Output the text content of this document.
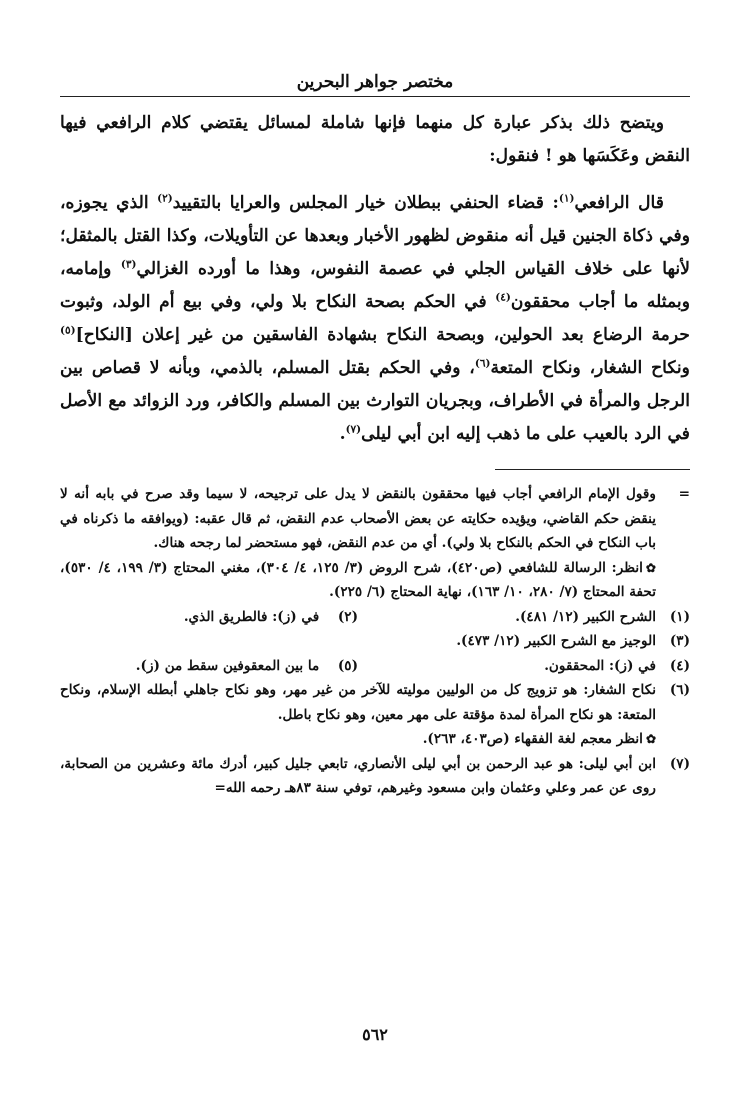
مختصر جواهر البحرين

ويتضح ذلك بذكر عبارة كل منهما فإنها شاملة لمسائل يقتضي كلام الرافعي فيها النقض وعَكَسَها هو ! فنقول:

قال الرافعي$^{(١)}$: قضاء الحنفي ببطلان خيار المجلس والعرايا بالتقييد$^{(٢)}$ الذي يجوزه، وفي ذكاة الجنين قيل أنه منقوض لظهور الأخبار وبعدها عن التأويلات، وكذا القتل بالمثقل؛ لأنها على خلاف القياس الجلي في عصمة النفوس، وهذا ما أورده الغزالي$^{(٣)}$ وإمامه، وبمثله ما أجاب محققون$^{(٤)}$ في الحكم بصحة النكاح بلا ولي، وفي بيع أم الولد، وثبوت حرمة الرضاع بعد الحولين، وبصحة النكاح بشهادة الفاسقين من غير إعلان [النكاح]$^{(٥)}$ ونكاح الشغار، ونكاح المتعة$^{(٦)}$، وفي الحكم بقتل المسلم، بالذمي، وبأنه لا قصاص بين الرجل والمرأة في الأطراف، وبجريان التوارث بين المسلم والكافر، ورد الزوائد مع الأصل في الرد بالعيب على ما ذهب إليه ابن أبي ليلى$^{(٧)}$.

=
وقول الإمام الرافعي أجاب فيها محققون بالنقض لا يدل على ترجيحه، لا سيما وقد صرح في بابه أنه لا ينقض حكم القاضي، ويؤيده حكايته عن بعض الأصحاب عدم النقض، ثم قال عقبه: (ويوافقه ما ذكرناه في باب النكاح في الحكم بالنكاح بلا ولي). أي من عدم النقض، فهو مستحضر لما رجحه هناك.
✿انظر: الرسالة للشافعي (ص٤٢٠)، شرح الروض (٣/ ١٢٥، ٤/ ٣٠٤)، مغني المحتاج (٣/ ١٩٩، ٤/ ٥٣٠)، تحفة المحتاج (٧/ ٢٨٠، ١٠/ ١٦٣)، نهاية المحتاج (٦/ ٢٢٥).
(١)
الشرح الكبير (١٢/ ٤٨١).
(٢) في (ز): فالطريق الذي.
(٣)
الوجيز مع الشرح الكبير (١٢/ ٤٧٣).
(٤)
في (ز): المحققون.
(٥) ما بين المعقوفين سقط من (ز).
(٦)
نكاح الشغار: هو تزويج كل من الوليين موليته للآخر من غير مهر، وهو نكاح جاهلي أبطله الإسلام، ونكاح المتعة: هو نكاح المرأة لمدة مؤقتة على مهر معين، وهو نكاح باطل.
✿انظر معجم لغة الفقهاء (ص٤٠٣، ٢٦٣).
(٧)
ابن أبي ليلى: هو عبد الرحمن بن أبي ليلى الأنصاري، تابعي جليل كبير، أدرك مائة وعشرين من الصحابة، روى عن عمر وعلي وعثمان وابن مسعود وغيرهم، توفي سنة ٨٣هـ رحمه الله=
٥٦٢
